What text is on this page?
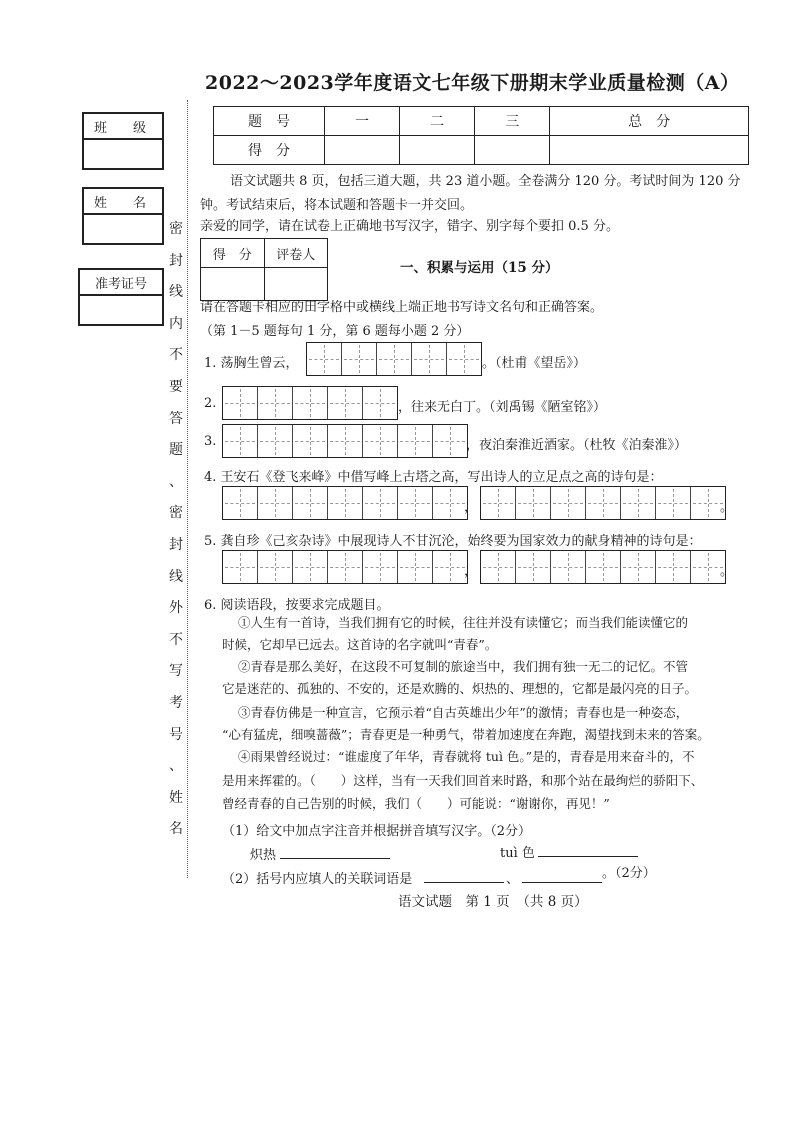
2022～2023学年度语文七年级下册期末学业质量检测（A）
班　　级
姓　　名
准考证号
密
封
线
内
不
要
答
题
、
密
封
线
外
不
写
考
号
、
姓
名
题　号	一	二	三	总　分
得　分				
语文试题共 8 页，包括三道大题，共 23 道小题。全卷满分 120 分。考试时间为 120 分
钟。考试结束后，将本试题和答题卡一并交回。
亲爱的同学，请在试卷上正确地书写汉字，错字、别字每个要扣 0.5 分。
得　分	评卷人

一、积累与运用（15 分）
请在答题卡相应的田字格中或横线上端正地书写诗文名句和正确答案。
（第 1－5 题每句 1 分，第 6 题每小题 2 分）
1. 荡胸生曾云，	。（杜甫《望岳》）
2.	，往来无白丁。（刘禹锡《陋室铭》）
3.	，夜泊秦淮近酒家。（杜牧《泊秦淮》）
4. 王安石《登飞来峰》中借写峰上古塔之高，写出诗人的立足点之高的诗句是：
，	。
5. 龚自珍《己亥杂诗》中展现诗人不甘沉沦，始终要为国家效力的献身精神的诗句是：
，	。
6. 阅读语段，按要求完成题目。
①人生有一首诗，当我们拥有它的时候，往往并没有读懂它；而当我们能读懂它的
时候，它却早已远去。这首诗的名字就叫“青春”。
②青春是那么美好，在这段不可复制的旅途当中，我们拥有独一无二的记忆。不管
它是迷茫的、孤独的、不安的，还是欢腾的、炽热的、理想的，它都是最闪亮的日子。
③青春仿佛是一种宣言，它预示着“自古英雄出少年”的激情；青春也是一种姿态，
“心有猛虎，细嗅蔷薇”；青春更是一种勇气，带着加速度在奔跑，渴望找到未来的答案。
④雨果曾经说过：“谁虚度了年华，青春就将 tuì 色。”是的，青春是用来奋斗的，不
是用来挥霍的。（　　）这样，当有一天我们回首来时路，和那个站在最绚烂的骄阳下、
曾经青春的自己告别的时候，我们（　　）可能说：“谢谢你，再见！”
（1）给文中加点字注音并根据拼音填写汉字。（2分）
炽热	tuì 色
（2）括号内应填人的关联词语是	、	。（2分）
语文试题　第 1 页　（共 8 页）
